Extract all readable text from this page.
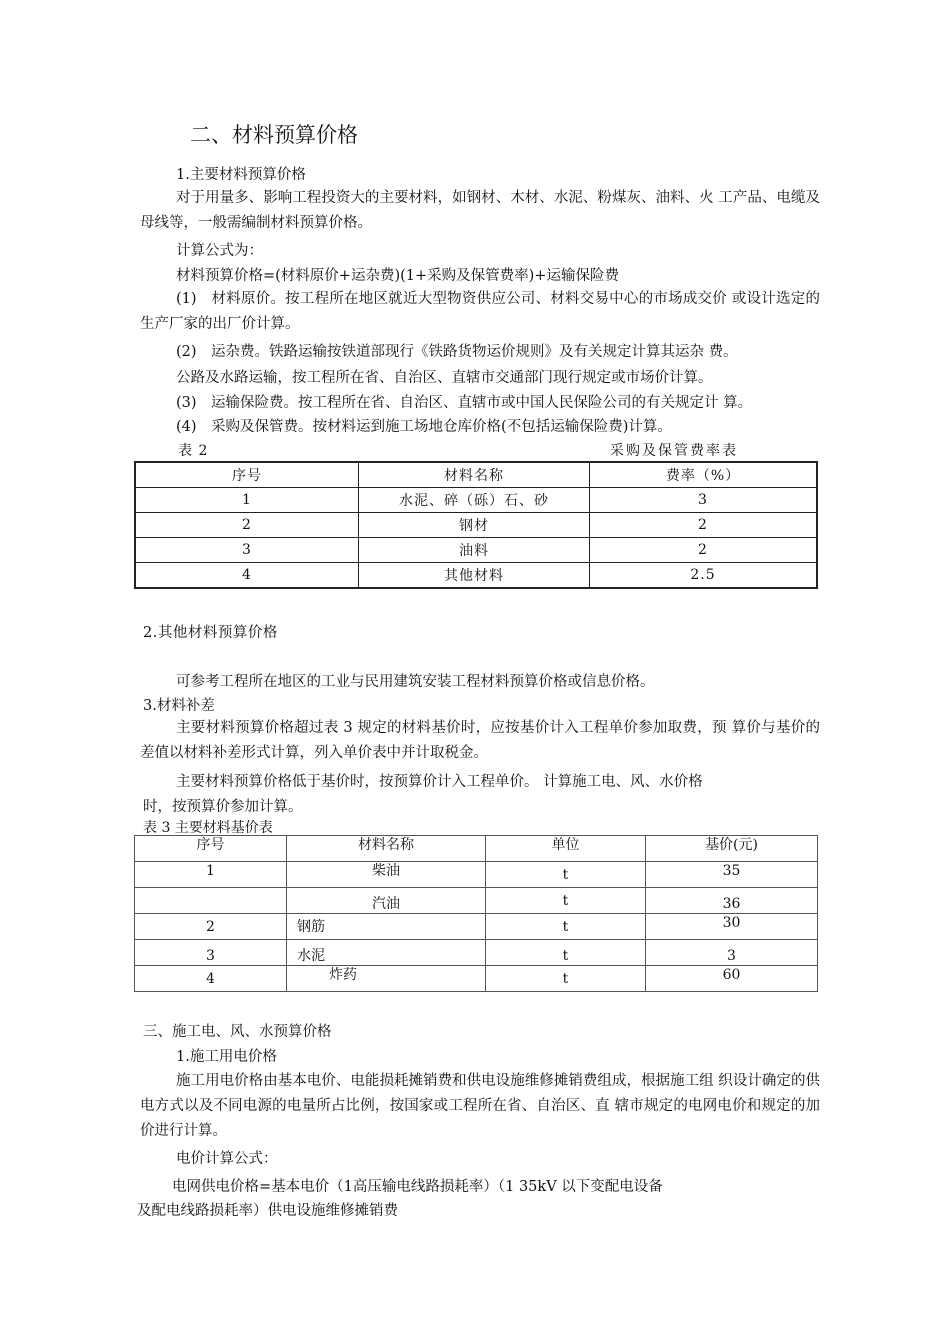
二、材料预算价格
1.主要材料预算价格
对于用量多、影响工程投资大的主要材料，如钢材、木材、水泥、粉煤灰、油料、火 工产品、电缆及母线等，一般需编制材料预算价格。
计算公式为：
材料预算价格=(材料原价+运杂费)(1+采购及保管费率)+运输保险费
(1)　材料原价。按工程所在地区就近大型物资供应公司、材料交易中心的市场成交价 或设计选定的生产厂家的出厂价计算。
(2)　运杂费。铁路运输按铁道部现行《铁路货物运价规则》及有关规定计算其运杂 费。
公路及水路运输，按工程所在省、自治区、直辖市交通部门现行规定或市场价计算。
(3)　运输保险费。按工程所在省、自治区、直辖市或中国人民保险公司的有关规定计 算。
(4)　采购及保管费。按材料运到施工场地仓库价格(不包括运输保险费)计算。
表 2	采购及保管费率表
序号	材料名称	费率（%）
1	水泥、碎（砾）石、砂	3
2	钢材	2
3	油料	2
4	其他材料	2.5
2.其他材料预算价格
可参考工程所在地区的工业与民用建筑安装工程材料预算价格或信息价格。
3.材料补差
主要材料预算价格超过表 3 规定的材料基价时，应按基价计入工程单价参加取费，预 算价与基价的差值以材料补差形式计算，列入单价表中并计取税金。
主要材料预算价格低于基价时，按预算价计入工程单价。 计算施工电、风、水价格
时，按预算价参加计算。
表 3 主要材料基价表
序号	材料名称	单位	基价(元)
1	柴油	t	35
	汽油	t	36
2	钢筋	t	30
3	水泥	t	3
4	炸药	t	60
三、施工电、风、水预算价格
1.施工用电价格
施工用电价格由基本电价、电能损耗摊销费和供电设施维修摊销费组成，根据施工组 织设计确定的供电方式以及不同电源的电量所占比例，按国家或工程所在省、自治区、直 辖市规定的电网电价和规定的加价进行计算。
电价计算公式：
电网供电价格=基本电价（1高压输电线路损耗率）（1 35kV 以下变配电设备
及配电线路损耗率）供电设施维修摊销费
